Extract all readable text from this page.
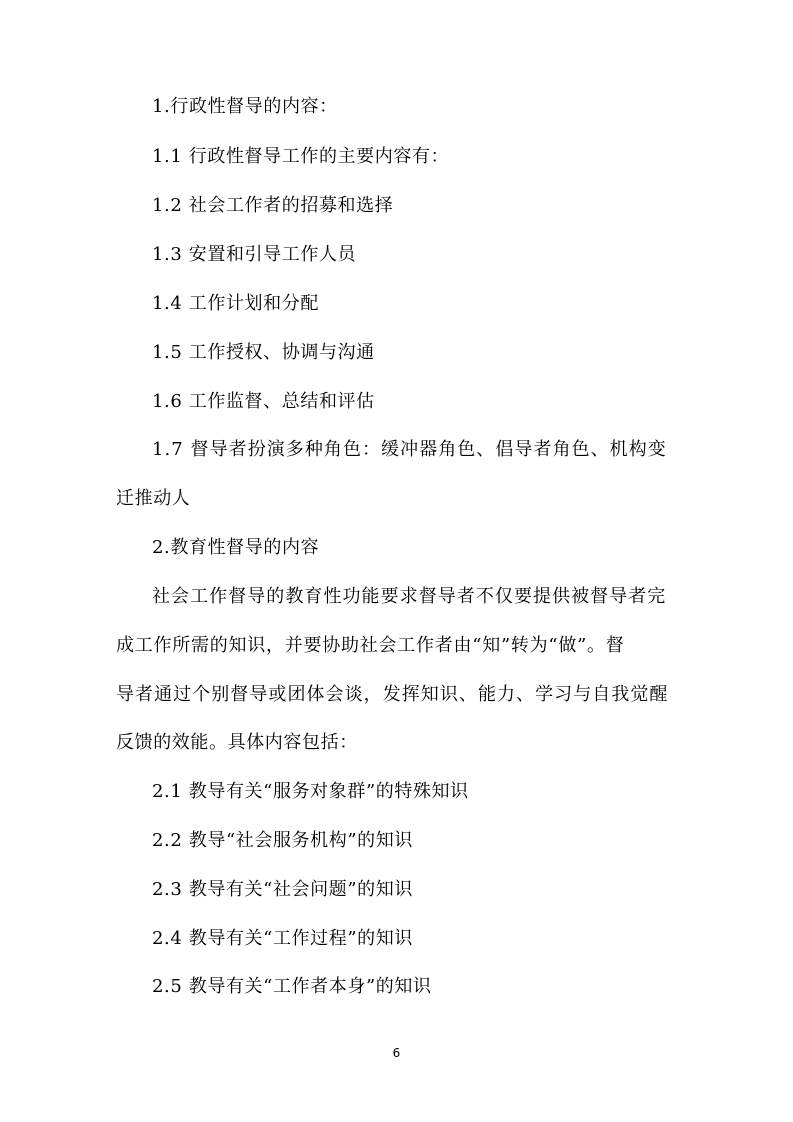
1.行政性督导的内容：
1.1 行政性督导工作的主要内容有：
1.2 社会工作者的招募和选择
1.3 安置和引导工作人员
1.4 工作计划和分配
1.5 工作授权、协调与沟通
1.6 工作监督、总结和评估
1.7 督导者扮演多种角色：缓冲器角色、倡导者角色、机构变
迁推动人
2.教育性督导的内容
社会工作督导的教育性功能要求督导者不仅要提供被督导者完
成工作所需的知识，并要协助社会工作者由“知”转为“做”。督
导者通过个别督导或团体会谈，发挥知识、能力、学习与自我觉醒
反馈的效能。具体内容包括：
2.1 教导有关“服务对象群”的特殊知识
2.2 教导“社会服务机构”的知识
2.3 教导有关“社会问题”的知识
2.4 教导有关“工作过程”的知识
2.5 教导有关“工作者本身”的知识
6
